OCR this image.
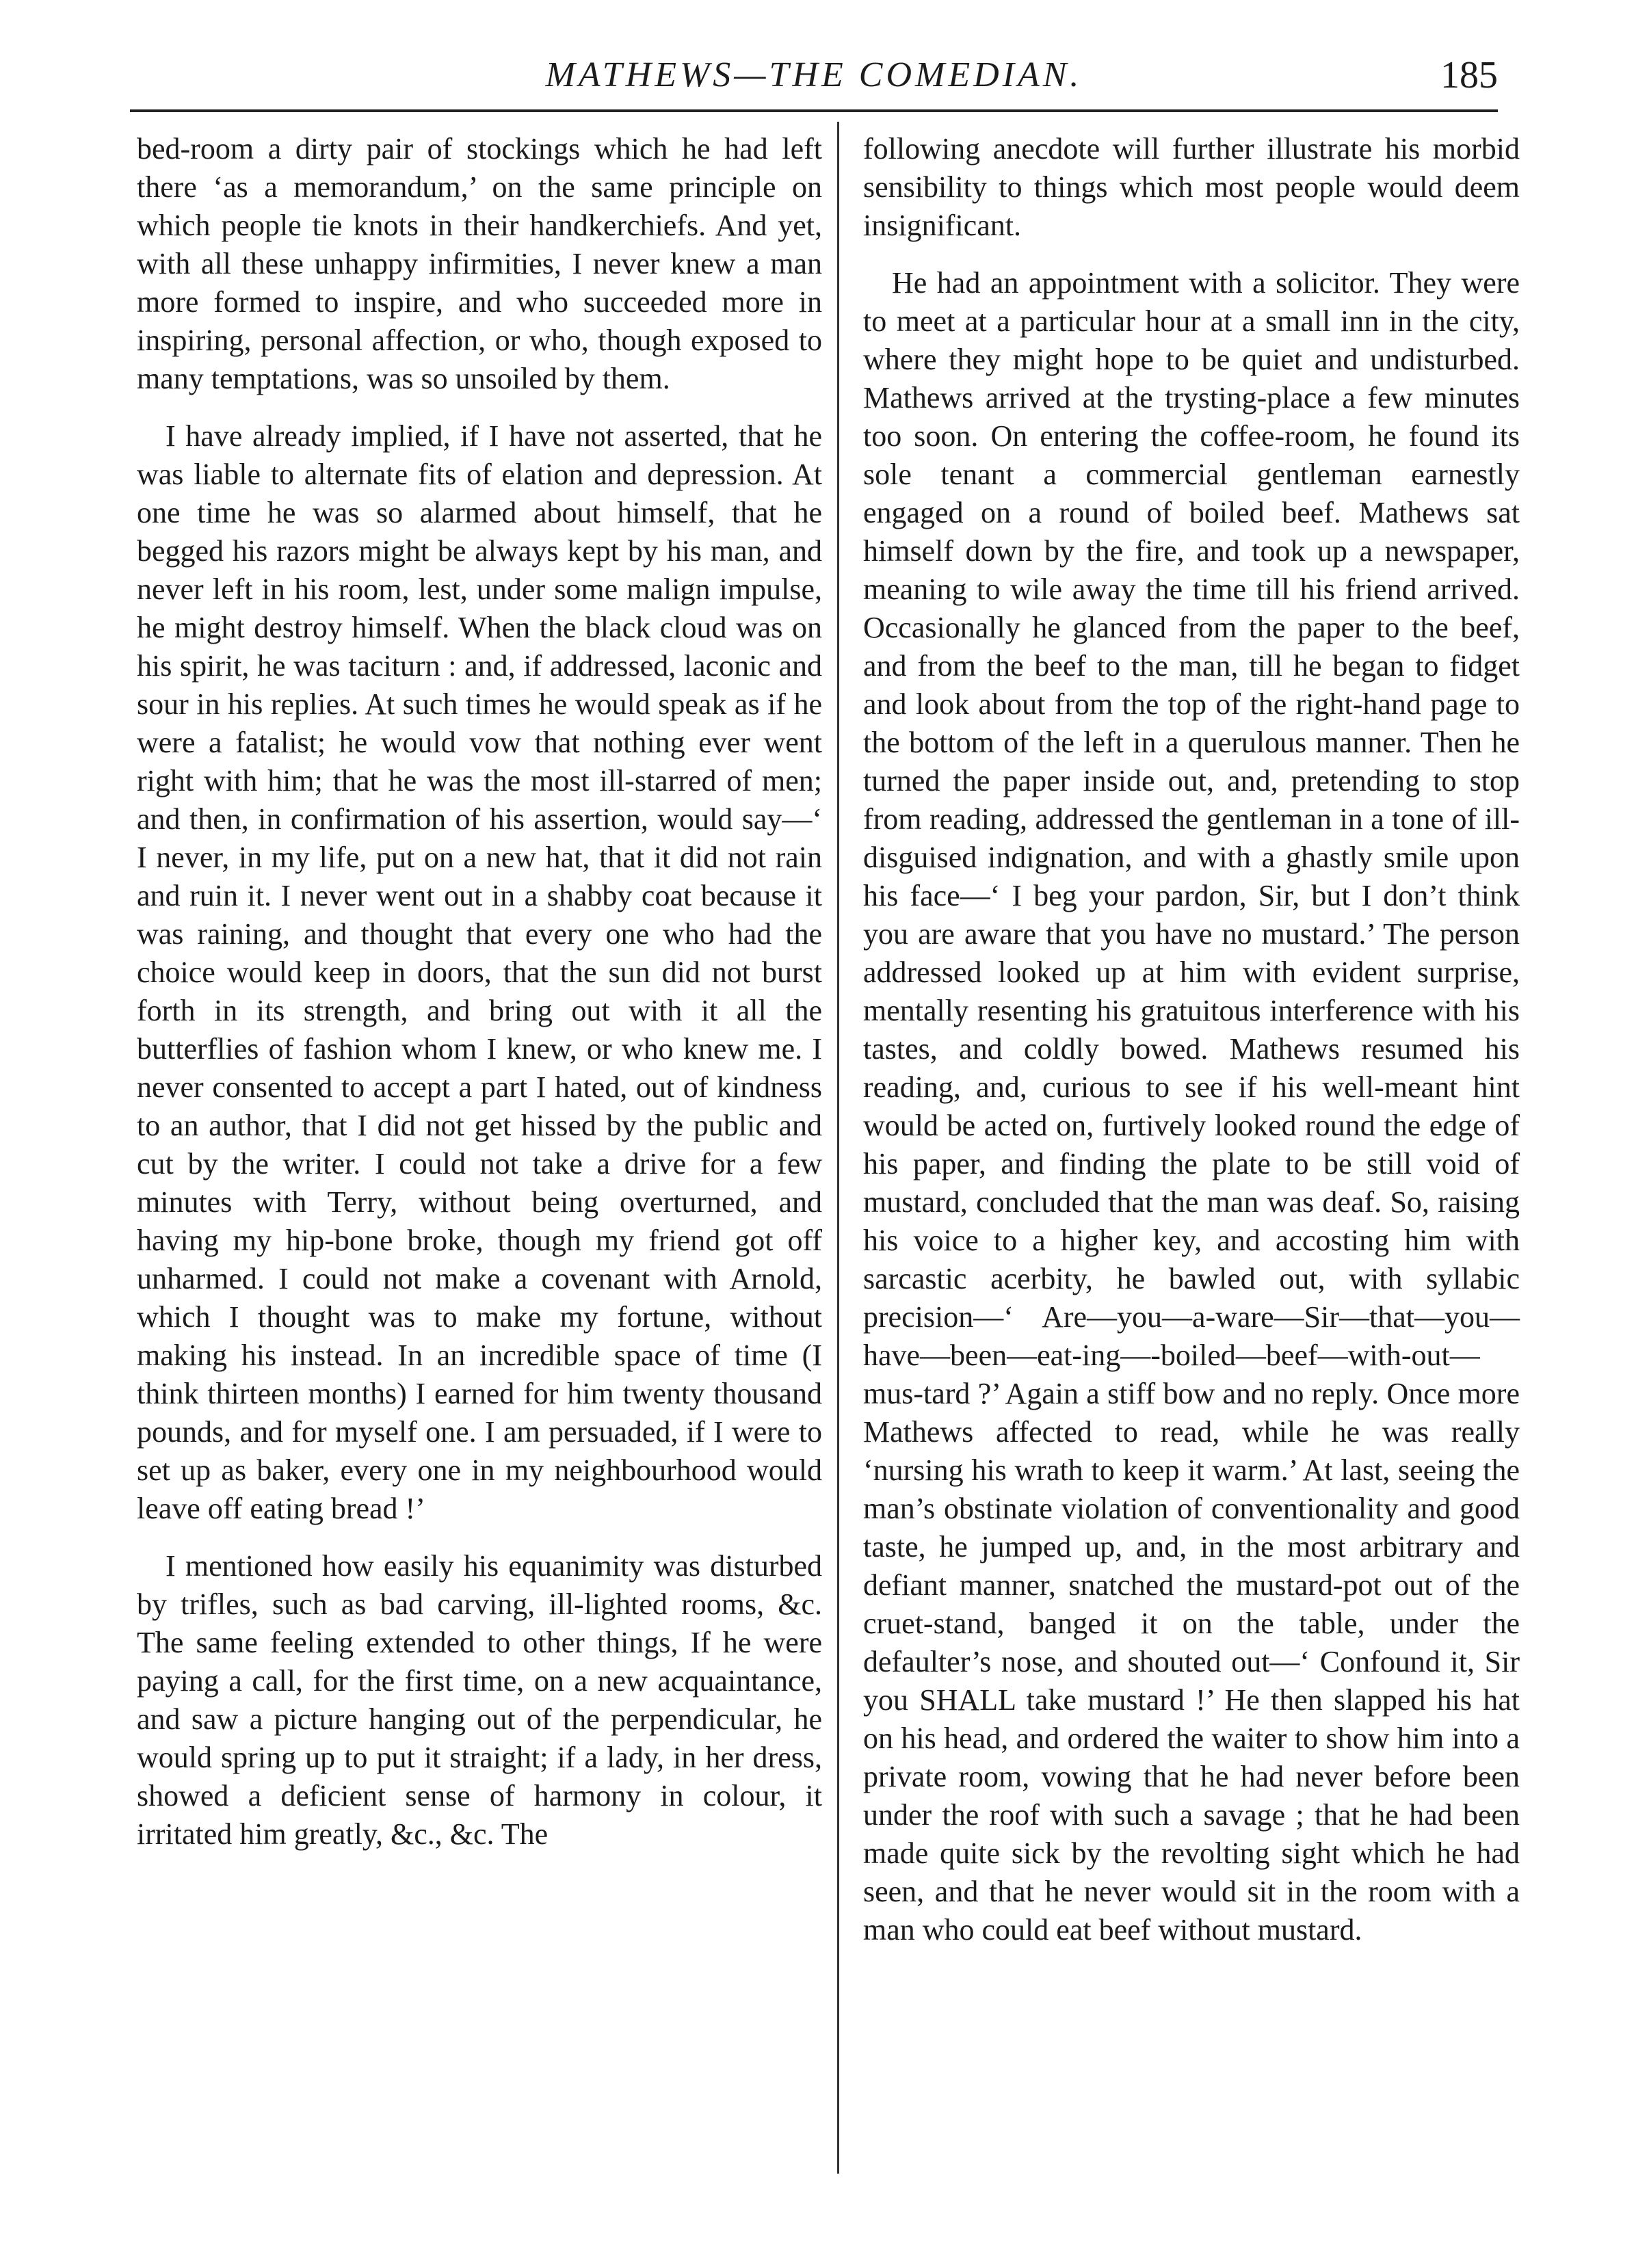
MATHEWS—THE COMEDIAN.	185

bed-room a dirty pair of stockings which he had left there ‘as a memorandum,’ on the same principle on which people tie knots in their handkerchiefs. And yet, with all these unhappy infirmities, I never knew a man more formed to inspire, and who succeeded more in inspiring, personal affection, or who, though exposed to many temptations, was so unsoiled by them.

I have already implied, if I have not asserted, that he was liable to alternate fits of elation and depression. At one time he was so alarmed about himself, that he begged his razors might be always kept by his man, and never left in his room, lest, under some malign impulse, he might destroy himself. When the black cloud was on his spirit, he was taciturn : and, if addressed, laconic and sour in his replies. At such times he would speak as if he were a fatalist; he would vow that nothing ever went right with him; that he was the most ill-starred of men; and then, in confirmation of his assertion, would say—‘ I never, in my life, put on a new hat, that it did not rain and ruin it. I never went out in a shabby coat because it was raining, and thought that every one who had the choice would keep in doors, that the sun did not burst forth in its strength, and bring out with it all the butterflies of fashion whom I knew, or who knew me. I never consented to accept a part I hated, out of kindness to an author, that I did not get hissed by the public and cut by the writer. I could not take a drive for a few minutes with Terry, without being overturned, and having my hip-bone broke, though my friend got off unharmed. I could not make a covenant with Arnold, which I thought was to make my fortune, without making his instead. In an incredible space of time (I think thirteen months) I earned for him twenty thousand pounds, and for myself one. I am persuaded, if I were to set up as baker, every one in my neighbourhood would leave off eating bread !’

I mentioned how easily his equanimity was disturbed by trifles, such as bad carving, ill-lighted rooms, &c. The same feeling extended to other things, If he were paying a call, for the first time, on a new acquaintance, and saw a picture hanging out of the perpendicular, he would spring up to put it straight; if a lady, in her dress, showed a deficient sense of harmony in colour, it irritated him greatly, &c., &c. The

following anecdote will further illustrate his morbid sensibility to things which most people would deem insignificant.

He had an appointment with a solicitor. They were to meet at a particular hour at a small inn in the city, where they might hope to be quiet and undisturbed. Mathews arrived at the trysting-place a few minutes too soon. On entering the coffee-room, he found its sole tenant a commercial gentleman earnestly engaged on a round of boiled beef. Mathews sat himself down by the fire, and took up a newspaper, meaning to wile away the time till his friend arrived. Occasionally he glanced from the paper to the beef, and from the beef to the man, till he began to fidget and look about from the top of the right-hand page to the bottom of the left in a querulous manner. Then he turned the paper inside out, and, pretending to stop from reading, addressed the gentleman in a tone of ill-disguised indignation, and with a ghastly smile upon his face—‘ I beg your pardon, Sir, but I don’t think you are aware that you have no mustard.’ The person addressed looked up at him with evident surprise, mentally resenting his gratuitous interference with his tastes, and coldly bowed. Mathews resumed his reading, and, curious to see if his well-meant hint would be acted on, furtively looked round the edge of his paper, and finding the plate to be still void of mustard, concluded that the man was deaf. So, raising his voice to a higher key, and accosting him with sarcastic acerbity, he bawled out, with syllabic precision—‘ Are—you—a-ware—Sir—that—you—have—been—eat-ing—-boiled—beef—with-out—mus-tard ?’ Again a stiff bow and no reply. Once more Mathews affected to read, while he was really ‘nursing his wrath to keep it warm.’ At last, seeing the man’s obstinate violation of conventionality and good taste, he jumped up, and, in the most arbitrary and defiant manner, snatched the mustard-pot out of the cruet-stand, banged it on the table, under the defaulter’s nose, and shouted out—‘ Confound it, Sir you SHALL take mustard !’ He then slapped his hat on his head, and ordered the waiter to show him into a private room, vowing that he had never before been under the roof with such a savage ; that he had been made quite sick by the revolting sight which he had seen, and that he never would sit in the room with a man who could eat beef without mustard.
